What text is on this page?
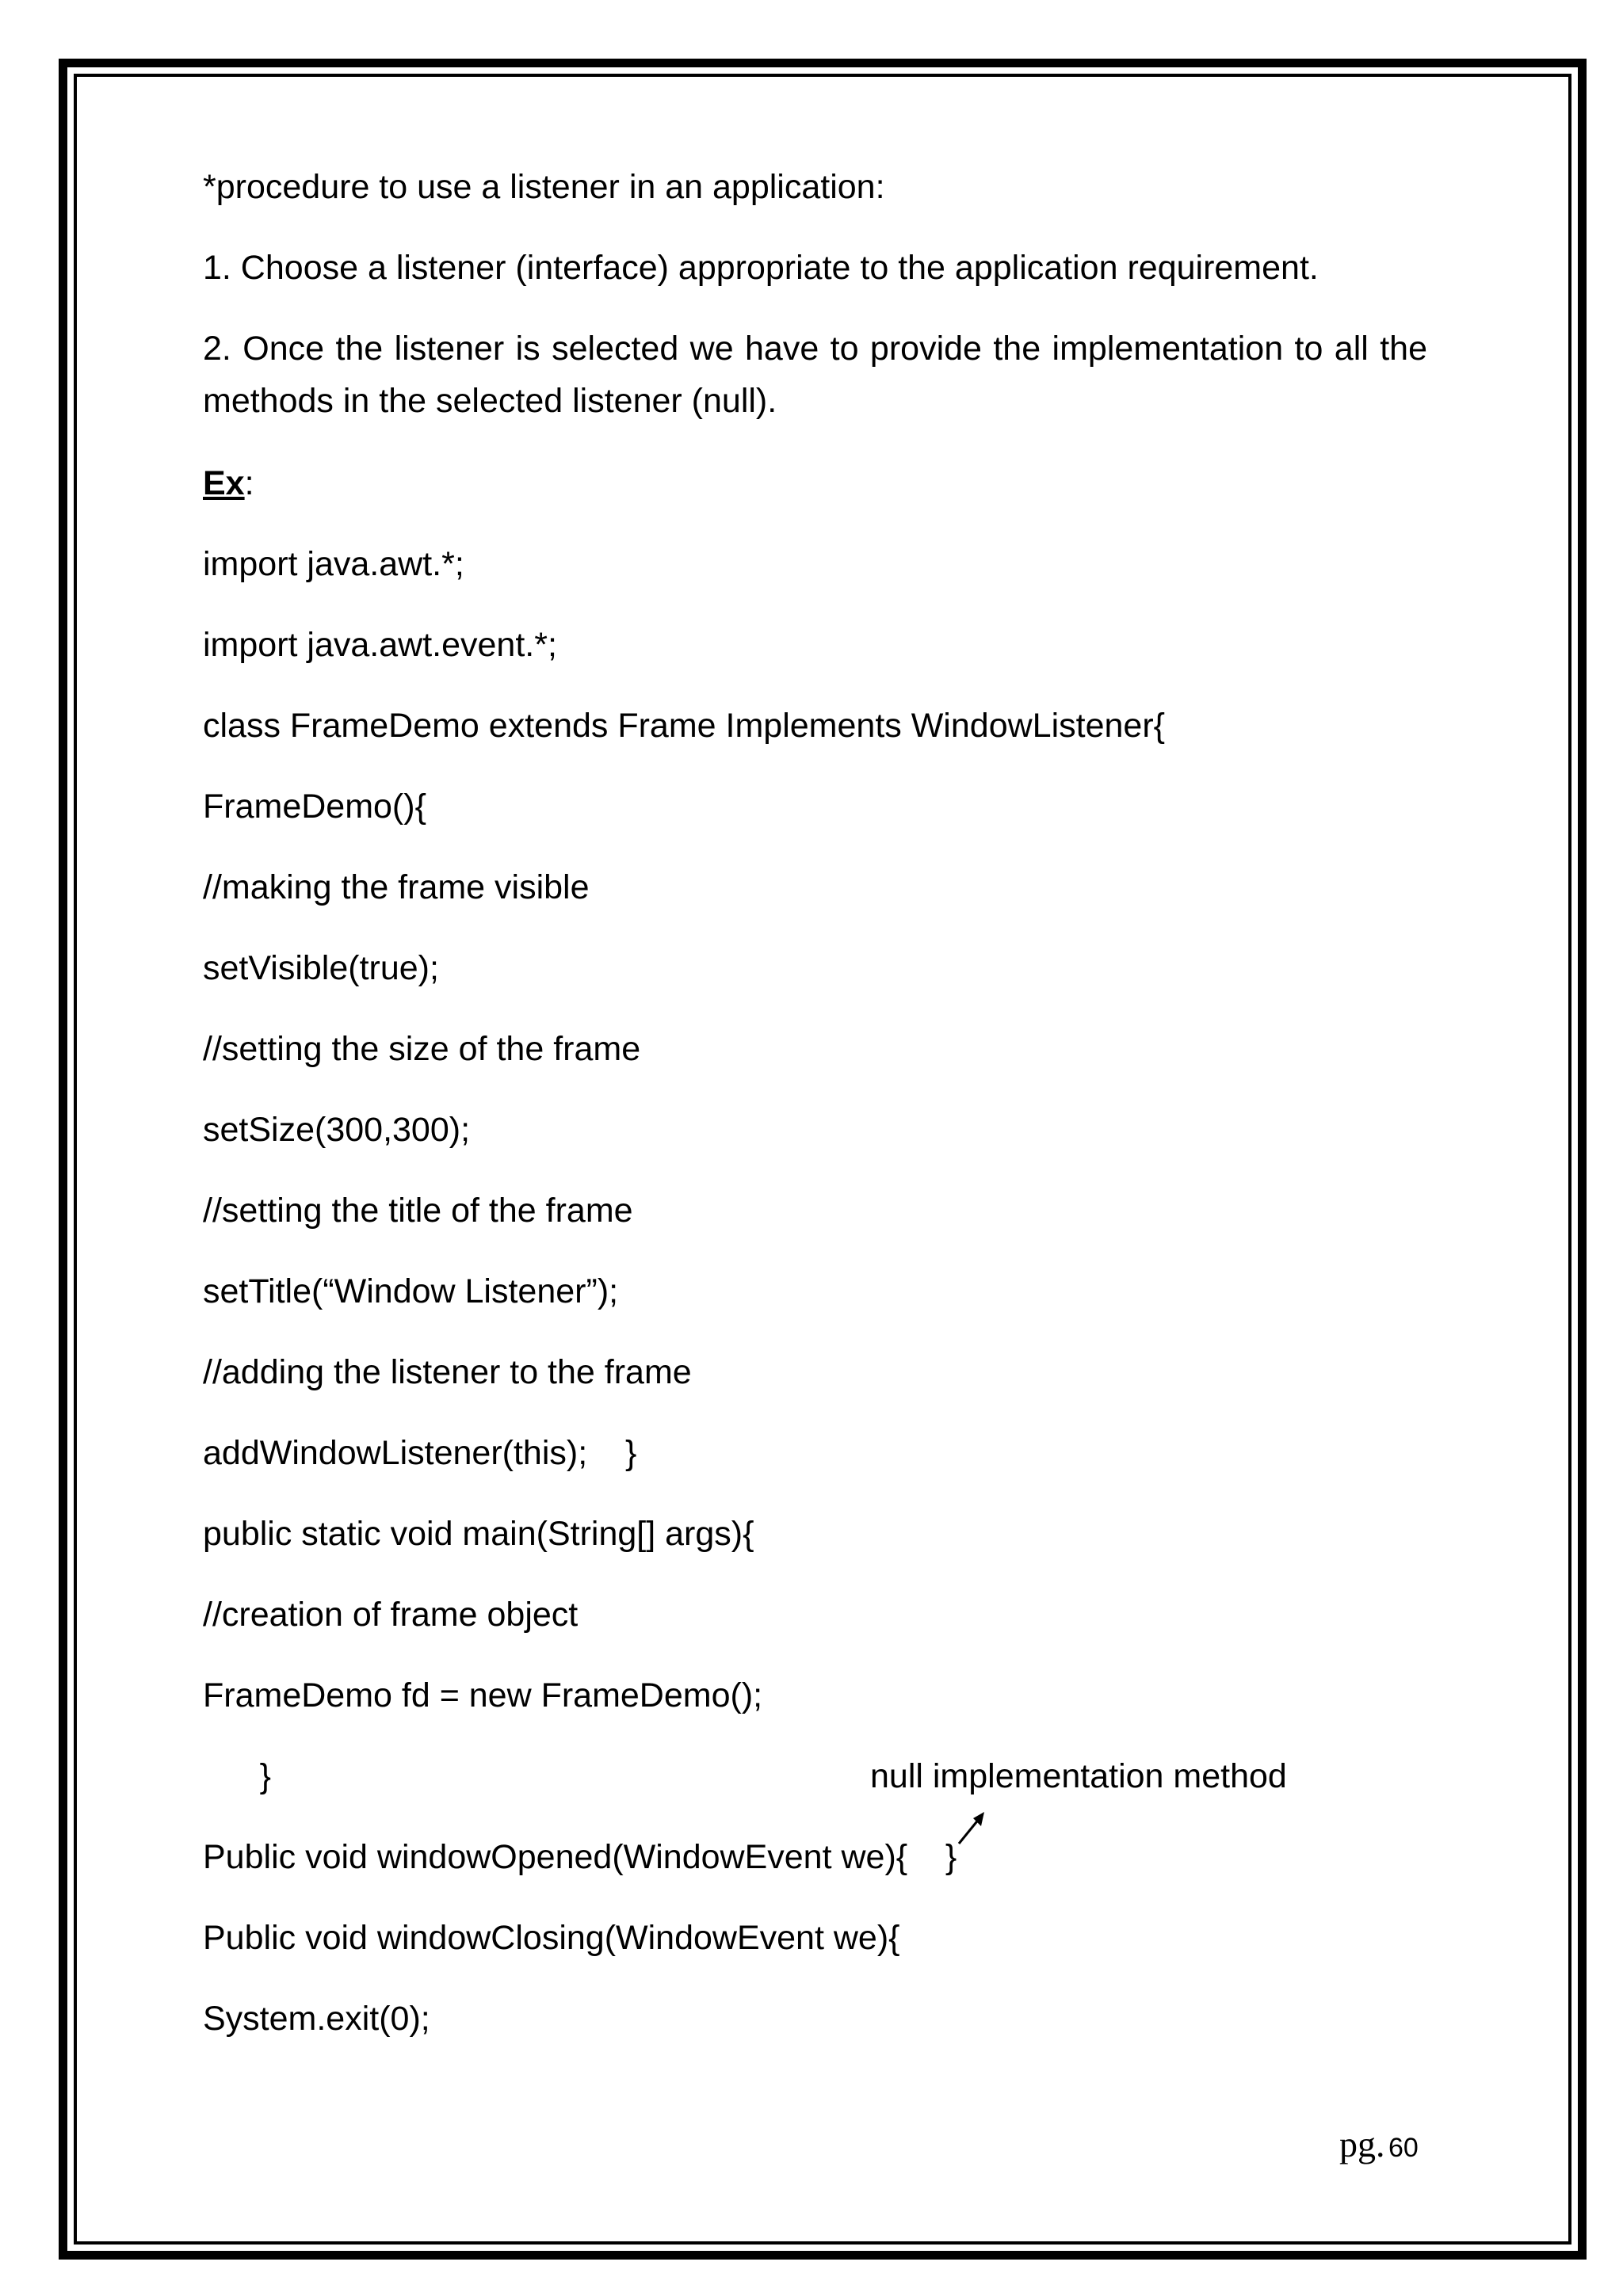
*procedure to use a listener in an application:
1. Choose a listener (interface) appropriate to the application requirement.
2. Once the listener is selected we have to provide the implementation to all the methods in the selected listener (null).
Ex:
import java.awt.*;
import java.awt.event.*;
class FrameDemo extends Frame Implements WindowListener{
FrameDemo(){
//making the frame visible
setVisible(true);
//setting the size of the frame
setSize(300,300);
//setting the title of the frame
setTitle(“Window Listener”);
//adding the listener to the frame
addWindowListener(this);    }
public static void main(String[] args){
//creation of frame object
FrameDemo fd = new FrameDemo();
}
Public void windowOpened(WindowEvent we){    }
Public void windowClosing(WindowEvent we){
System.exit(0);
null implementation method
pg. 60
